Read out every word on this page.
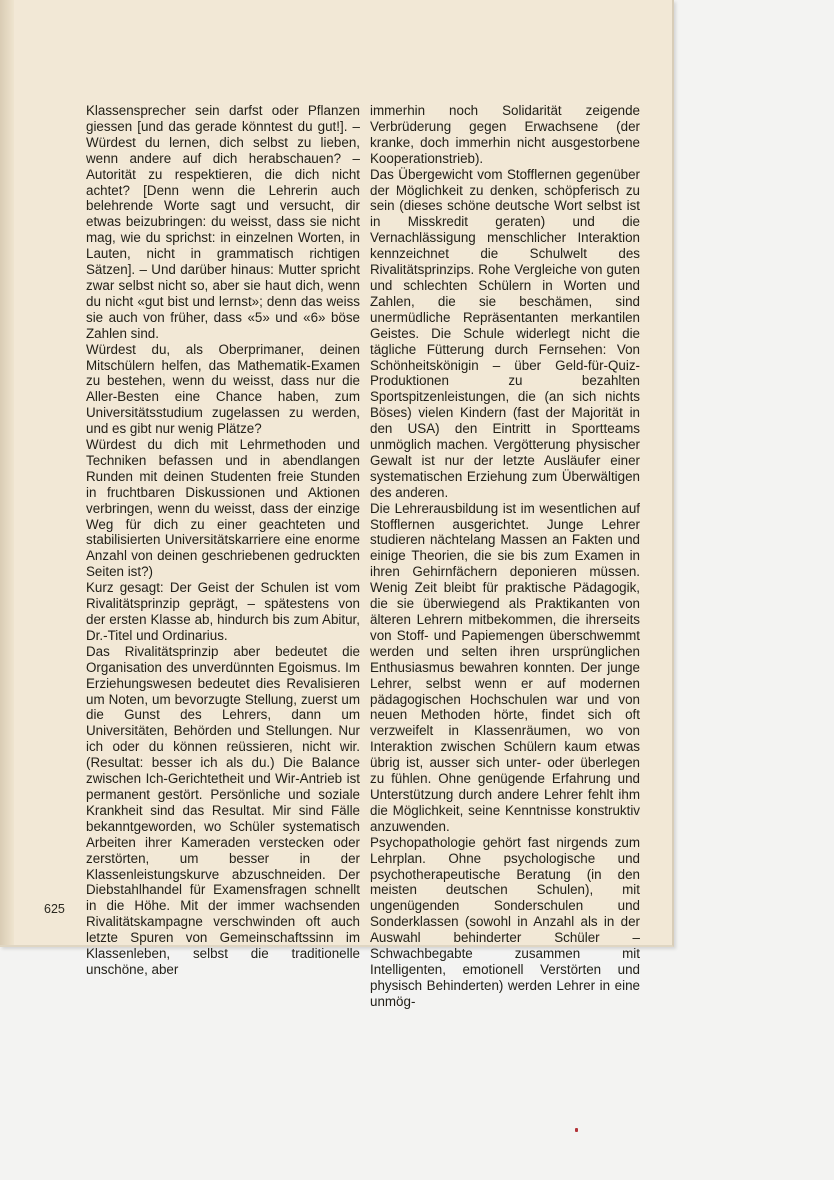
Klassensprecher sein darfst oder Pflanzen giessen [und das gerade könntest du gut!]. – Würdest du lernen, dich selbst zu lieben, wenn andere auf dich herabschauen? – Autorität zu respektieren, die dich nicht achtet? [Denn wenn die Lehrerin auch belehrende Worte sagt und versucht, dir etwas beizubringen: du weisst, dass sie nicht mag, wie du sprichst: in einzelnen Worten, in Lauten, nicht in grammatisch richtigen Sätzen]. – Und darüber hinaus: Mutter spricht zwar selbst nicht so, aber sie haut dich, wenn du nicht «gut bist und lernst»; denn das weiss sie auch von früher, dass «5» und «6» böse Zahlen sind.

Würdest du, als Oberprimaner, deinen Mitschülern helfen, das Mathematik-Examen zu bestehen, wenn du weisst, dass nur die Aller-Besten eine Chance haben, zum Universitätsstudium zugelassen zu werden, und es gibt nur wenig Plätze?

Würdest du dich mit Lehrmethoden und Techniken befassen und in abendlangen Runden mit deinen Studenten freie Stunden in fruchtbaren Diskussionen und Aktionen verbringen, wenn du weisst, dass der einzige Weg für dich zu einer geachteten und stabilisierten Universitätskarriere eine enorme Anzahl von deinen geschriebenen gedruckten Seiten ist?)

Kurz gesagt: Der Geist der Schulen ist vom Rivalitätsprinzip geprägt, – spätestens von der ersten Klasse ab, hindurch bis zum Abitur, Dr.-Titel und Ordinarius.

Das Rivalitätsprinzip aber bedeutet die Organisation des unverdünnten Egoismus. Im Erziehungswesen bedeutet dies Revalisieren um Noten, um bevorzugte Stellung, zuerst um die Gunst des Lehrers, dann um Universitäten, Behörden und Stellungen. Nur ich oder du können reüssieren, nicht wir. (Resultat: besser ich als du.) Die Balance zwischen Ich-Gerichtetheit und Wir-Antrieb ist permanent gestört. Persönliche und soziale Krankheit sind das Resultat. Mir sind Fälle bekanntgeworden, wo Schüler systematisch Arbeiten ihrer Kameraden verstecken oder zerstörten, um besser in der Klassenleistungskurve abzuschneiden. Der Diebstahlhandel für Examensfragen schnellt in die Höhe. Mit der immer wachsenden Rivalitätskampagne verschwinden oft auch letzte Spuren von Gemeinschaftssinn im Klassenleben, selbst die traditionelle unschöne, aber

immerhin noch Solidarität zeigende Verbrüderung gegen Erwachsene (der kranke, doch immerhin nicht ausgestorbene Kooperationstrieb).

Das Übergewicht vom Stofflernen gegenüber der Möglichkeit zu denken, schöpferisch zu sein (dieses schöne deutsche Wort selbst ist in Misskredit geraten) und die Vernachlässigung menschlicher Interaktion kennzeichnet die Schulwelt des Rivalitätsprinzips. Rohe Vergleiche von guten und schlechten Schülern in Worten und Zahlen, die sie beschämen, sind unermüdliche Repräsentanten merkantilen Geistes. Die Schule widerlegt nicht die tägliche Fütterung durch Fernsehen: Von Schönheitskönigin – über Geld-für-Quiz-Produktionen zu bezahlten Sportspitzenleistungen, die (an sich nichts Böses) vielen Kindern (fast der Majorität in den USA) den Eintritt in Sportteams unmöglich machen. Vergötterung physischer Gewalt ist nur der letzte Ausläufer einer systematischen Erziehung zum Überwältigen des anderen.

Die Lehrerausbildung ist im wesentlichen auf Stofflernen ausgerichtet. Junge Lehrer studieren nächtelang Massen an Fakten und einige Theorien, die sie bis zum Examen in ihren Gehirnfächern deponieren müssen. Wenig Zeit bleibt für praktische Pädagogik, die sie überwiegend als Praktikanten von älteren Lehrern mitbekommen, die ihrerseits von Stoff- und Papiemengen überschwemmt werden und selten ihren ursprünglichen Enthusiasmus bewahren konnten. Der junge Lehrer, selbst wenn er auf modernen pädagogischen Hochschulen war und von neuen Methoden hörte, findet sich oft verzweifelt in Klassenräumen, wo von Interaktion zwischen Schülern kaum etwas übrig ist, ausser sich unter- oder überlegen zu fühlen. Ohne genügende Erfahrung und Unterstützung durch andere Lehrer fehlt ihm die Möglichkeit, seine Kenntnisse konstruktiv anzuwenden.

Psychopathologie gehört fast nirgends zum Lehrplan. Ohne psychologische und psychotherapeutische Beratung (in den meisten deutschen Schulen), mit ungenügenden Sonderschulen und Sonderklassen (sowohl in Anzahl als in der Auswahl behinderter Schüler – Schwachbegabte zusammen mit Intelligenten, emotionell Verstörten und physisch Behinderten) werden Lehrer in eine unmög-

625
